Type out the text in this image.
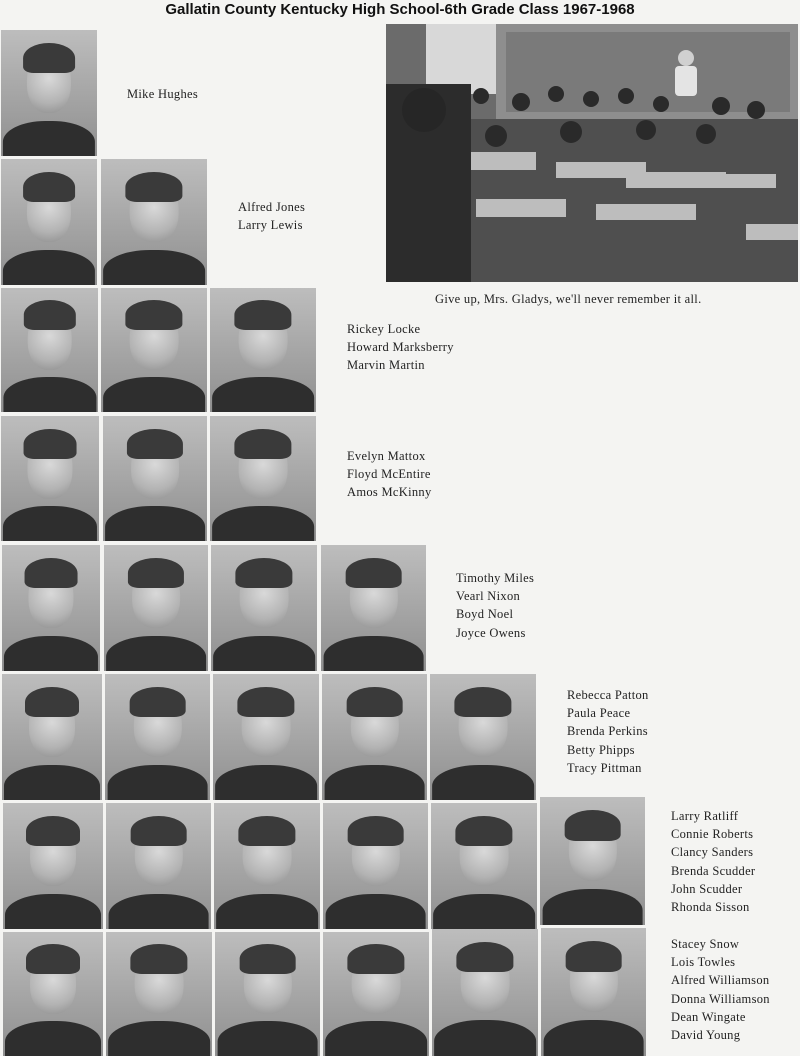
Gallatin County Kentucky High School-6th Grade Class 1967-1968
Give up, Mrs. Gladys, we'll never remember it all.
Mike Hughes
Alfred Jones
Larry Lewis
Rickey Locke
Howard Marksberry
Marvin Martin
Evelyn Mattox
Floyd McEntire
Amos McKinny
Timothy Miles
Vearl Nixon
Boyd Noel
Joyce Owens
Rebecca Patton
Paula Peace
Brenda Perkins
Betty Phipps
Tracy Pittman
Larry Ratliff
Connie Roberts
Clancy Sanders
Brenda Scudder
John Scudder
Rhonda Sisson
Stacey Snow
Lois Towles
Alfred Williamson
Donna Williamson
Dean Wingate
David Young
